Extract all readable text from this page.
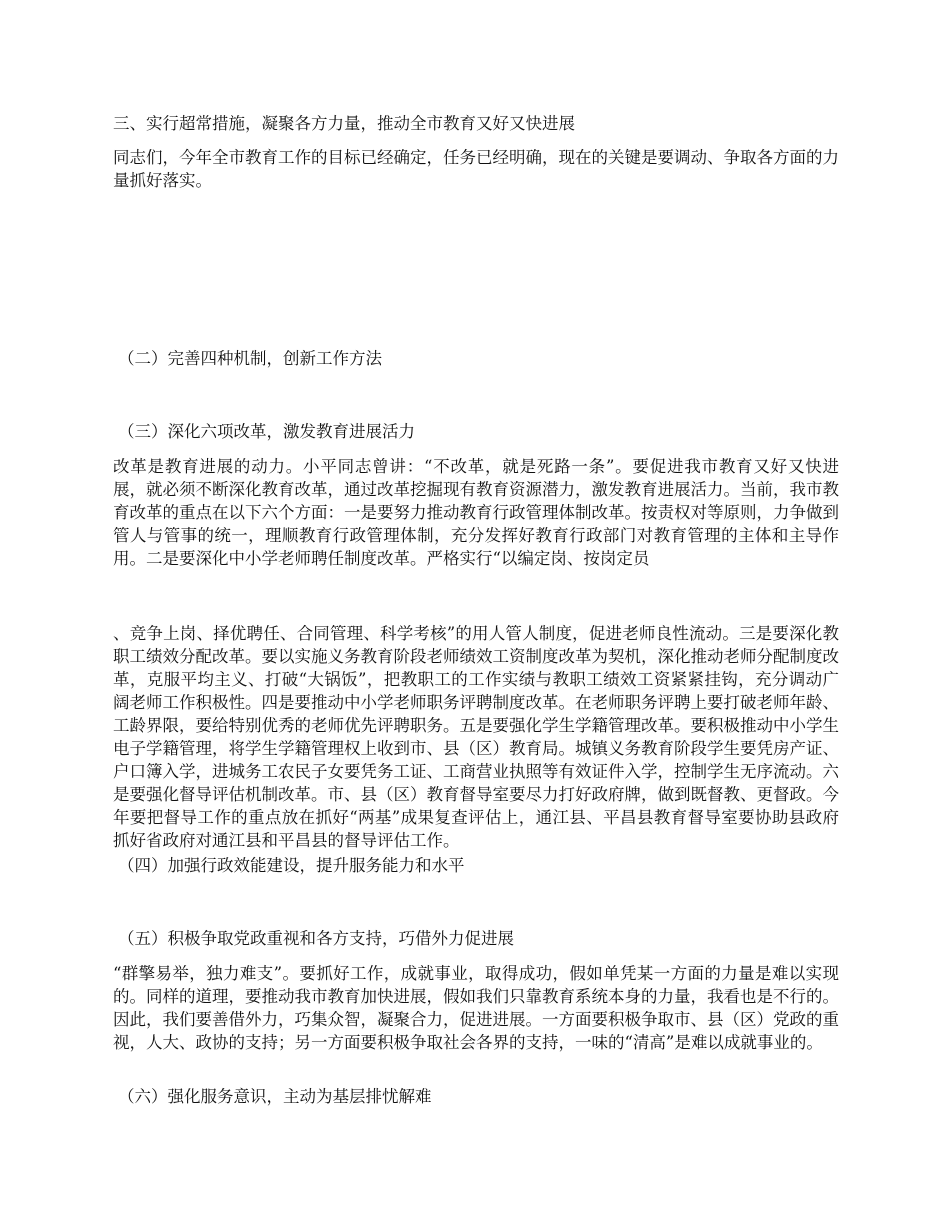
三、实行超常措施，凝聚各方力量，推动全市教育又好又快进展

同志们，今年全市教育工作的目标已经确定，任务已经明确，现在的关键是要调动、争取各方面的力量抓好落实。

（二）完善四种机制，创新工作方法

（三）深化六项改革，激发教育进展活力

改革是教育进展的动力。小平同志曾讲：“不改革，就是死路一条”。要促进我市教育又好又快进展，就必须不断深化教育改革，通过改革挖掘现有教育资源潜力，激发教育进展活力。当前，我市教育改革的重点在以下六个方面：一是要努力推动教育行政管理体制改革。按责权对等原则，力争做到管人与管事的统一，理顺教育行政管理体制，充分发挥好教育行政部门对教育管理的主体和主导作用。二是要深化中小学老师聘任制度改革。严格实行“以编定岗、按岗定员

、竞争上岗、择优聘任、合同管理、科学考核”的用人管人制度，促进老师良性流动。三是要深化教职工绩效分配改革。要以实施义务教育阶段老师绩效工资制度改革为契机，深化推动老师分配制度改革，克服平均主义、打破“大锅饭”，把教职工的工作实绩与教职工绩效工资紧紧挂钩，充分调动广阔老师工作积极性。四是要推动中小学老师职务评聘制度改革。在老师职务评聘上要打破老师年龄、工龄界限，要给特别优秀的老师优先评聘职务。五是要强化学生学籍管理改革。要积极推动中小学生电子学籍管理，将学生学籍管理权上收到市、县（区）教育局。城镇义务教育阶段学生要凭房产证、户口簿入学，进城务工农民子女要凭务工证、工商营业执照等有效证件入学，控制学生无序流动。六是要强化督导评估机制改革。市、县（区）教育督导室要尽力打好政府牌，做到既督教、更督政。今年要把督导工作的重点放在抓好“两基”成果复查评估上，通江县、平昌县教育督导室要协助县政府抓好省政府对通江县和平昌县的督导评估工作。

（四）加强行政效能建设，提升服务能力和水平

（五）积极争取党政重视和各方支持，巧借外力促进展

“群擎易举，独力难支”。要抓好工作，成就事业，取得成功，假如单凭某一方面的力量是难以实现的。同样的道理，要推动我市教育加快进展，假如我们只靠教育系统本身的力量，我看也是不行的。因此，我们要善借外力，巧集众智，凝聚合力，促进进展。一方面要积极争取市、县（区）党政的重视，人大、政协的支持；另一方面要积极争取社会各界的支持，一味的“清高”是难以成就事业的。

（六）强化服务意识，主动为基层排忧解难
